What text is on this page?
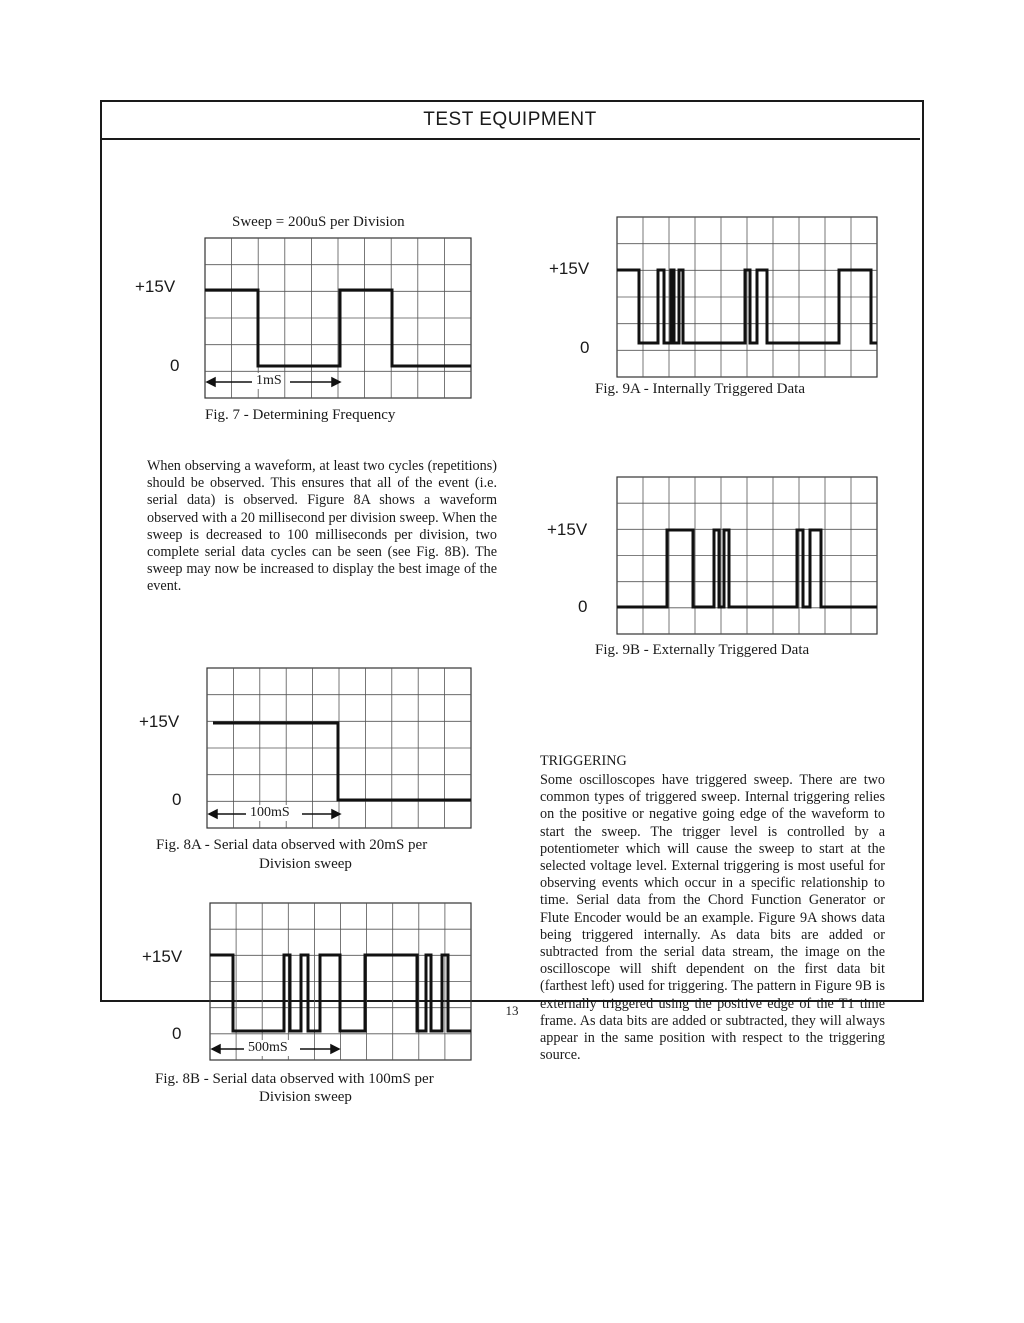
TEST EQUIPMENT
Sweep = 200uS per Division
+15V
0
1mS
Fig. 7 - Determining Frequency
+15V
0
Fig. 9A - Internally Triggered Data
When observing a waveform, at least two cycles (repetitions) should be observed. This ensures that all of the event (i.e. serial data) is observed. Figure 8A shows a waveform observed with a 20 millisecond per division sweep. When the sweep is decreased to 100 milliseconds per division, two complete serial data cycles can be seen (see Fig. 8B). The sweep may now be increased to display the best image of the event.
+15V
0
Fig. 9B - Externally Triggered Data
+15V
0
100mS
Fig. 8A - Serial data observed with 20mS per
Division sweep
TRIGGERING
Some oscilloscopes have triggered sweep. There are two common types of triggered sweep. Internal triggering relies on the positive or negative going edge of the waveform to start the sweep. The trigger level is controlled by a potentiometer which will cause the sweep to start at the selected voltage level. External triggering is most useful for observing events which occur in a specific relationship to time. Serial data from the Chord Function Generator or Flute Encoder would be an example. Figure 9A shows data being triggered internally. As data bits are added or subtracted from the serial data stream, the image on the oscilloscope will shift dependent on the first data bit (farthest left) used for triggering. The pattern in Figure 9B is externally triggered using the positive edge of the T1 time frame. As data bits are added or subtracted, they will always appear in the same position with respect to the triggering source.
+15V
0
500mS
Fig. 8B - Serial data observed with 100mS per
Division sweep
13
